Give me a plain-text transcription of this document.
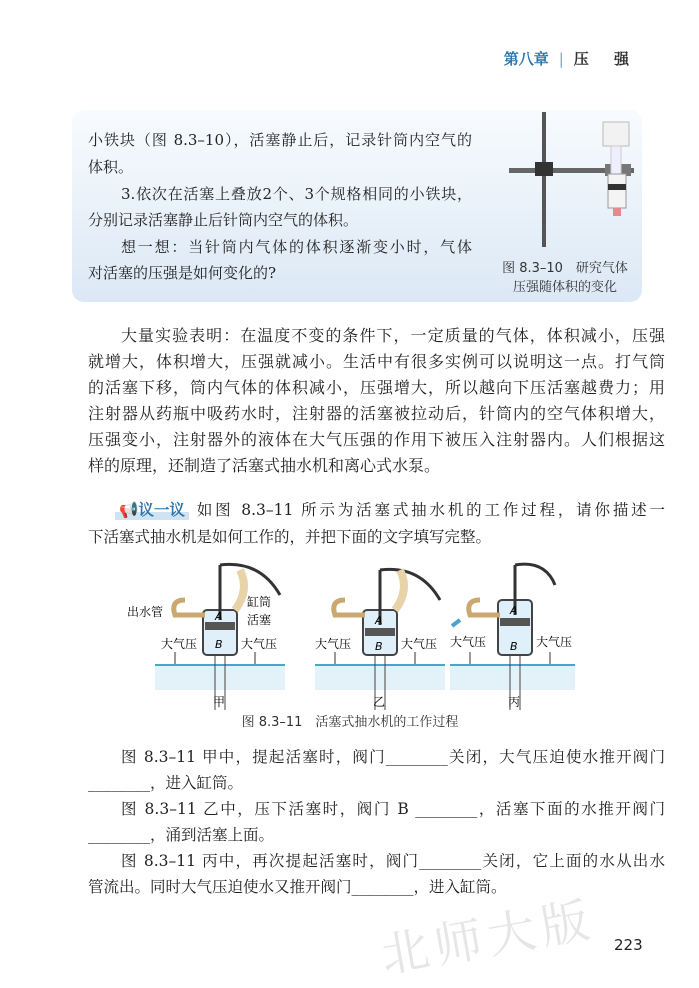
第八章 | 压 强
小铁块（图 8.3–10），活塞静止后，记录针筒内空气的
体积。
3.依次在活塞上叠放2个、3个规格相同的小铁块，
分别记录活塞静止后针筒内空气的体积。
想一想：当针筒内气体的体积逐渐变小时，气体
对活塞的压强是如何变化的?	图 8.3–10　研究气体
压强随体积的变化
大量实验表明：在温度不变的条件下，一定质量的气体，体积减小，压强
就增大，体积增大，压强就减小。生活中有很多实例可以说明这一点。打气筒
的活塞下移，筒内气体的体积减小，压强增大，所以越向下压活塞越费力；用
注射器从药瓶中吸药水时，注射器的活塞被拉动后，针筒内的空气体积增大，
压强变小，注射器外的液体在大气压强的作用下被压入注射器内。人们根据这
样的原理，还制造了活塞式抽水机和离心式水泵。
📢议一议 如图 8.3–11 所示为活塞式抽水机的工作过程，请你描述一
下活塞式抽水机是如何工作的，并把下面的文字填写完整。
A
B
出水管
缸筒
活塞
大气压	大气压
甲
A
B
大气压	大气压
乙
A
B
大气压	大气压
丙
图 8.3–11　活塞式抽水机的工作过程
图 8.3–11 甲中，提起活塞时，阀门________关闭，大气压迫使水推开阀门
________，进入缸筒。
图 8.3–11 乙中，压下活塞时，阀门 B ________，活塞下面的水推开阀门
________，涌到活塞上面。
图 8.3–11 丙中，再次提起活塞时，阀门________关闭，它上面的水从出水
管流出。同时大气压迫使水又推开阀门________，进入缸筒。
北师大版 223
